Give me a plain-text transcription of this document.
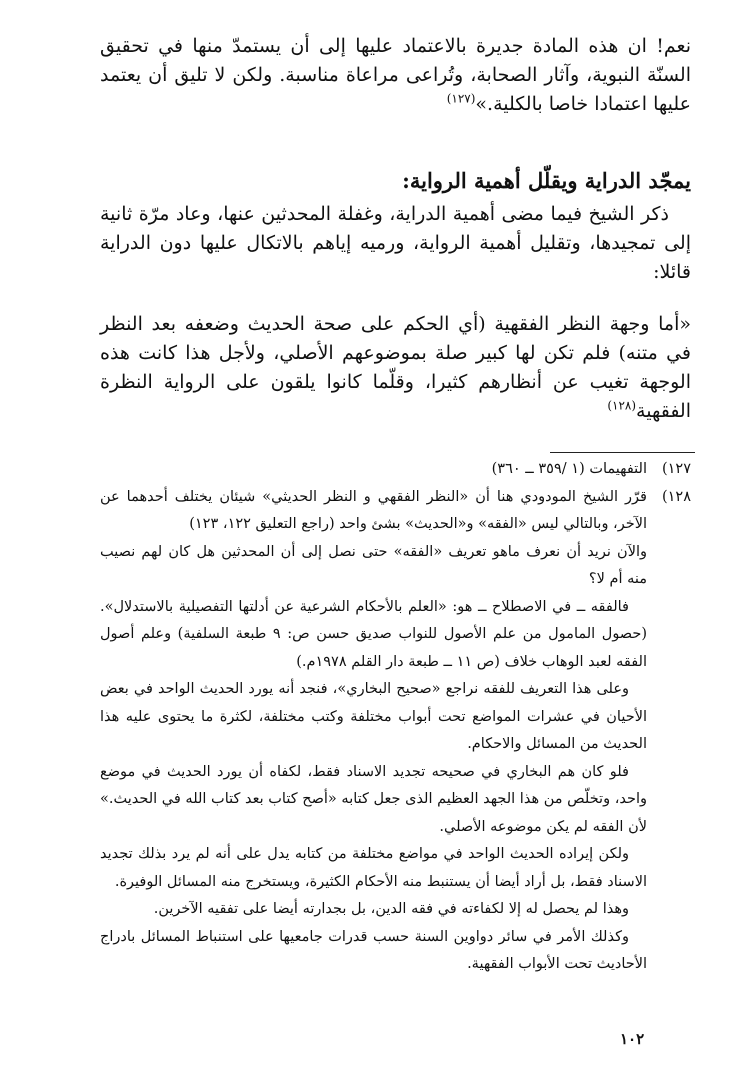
نعم! ان هذه المادة جديرة بالاعتماد عليها إلى أن يستمدّ منها في تحقيق السنّة النبوية، وآثار الصحابة، وتُراعى مراعاة مناسبة. ولكن لا تليق أن يعتمد عليها اعتمادا خاصا بالكلية.»$^{(١٢٧)}$

يمجّد الدراية ويقلّل أهمية الرواية:

ذكر الشيخ فيما مضى أهمية الدراية، وغفلة المحدثين عنها، وعاد مرّة ثانية إلى تمجيدها، وتقليل أهمية الرواية، ورميه إياهم بالاتكال عليها دون الدراية قائلا:

«أما وجهة النظر الفقهية (أي الحكم على صحة الحديث وضعفه بعد النظر في متنه) فلم تكن لها كبير صلة بموضوعهم الأصلي، ولأجل هذا كانت هذه الوجهة تغيب عن أنظارهم كثيرا، وقلّما كانوا يلقون على الرواية النظرة الفقهية$^{(١٢٨)}$

١٢٧)
التفهيمات (١ /٣٥٩ ــ ٣٦٠)
١٢٨)
قرّر الشيخ المودودي هنا أن «النظر الفقهي و النظر الحديثي» شيئان يختلف أحدهما عن الآخر، وبالتالي ليس «الفقه» و«الحديث» بشئ واحد (راجع التعليق ١٢٢، ١٢٣)

والآن نريد أن نعرف ماهو تعريف «الفقه» حتى نصل إلى أن المحدثين هل كان لهم نصيب منه أم لا؟

فالفقه ــ في الاصطلاح ــ هو: «العلم بالأحكام الشرعية عن أدلتها التفصيلية بالاستدلال».(حصول المامول من علم الأصول للنواب صديق حسن ص: ٩ طبعة السلفية) وعلم أصول الفقه لعبد الوهاب خلاف (ص ١١ ــ طبعة دار القلم ١٩٧٨م.)

وعلى هذا التعريف للفقه نراجع «صحيح البخاري»، فنجد أنه يورد الحديث الواحد في بعض الأحيان في عشرات المواضع تحت أبواب مختلفة وكتب مختلفة، لكثرة ما يحتوى عليه هذا الحديث من المسائل والاحكام.

فلو كان هم البخاري في صحيحه تجديد الاسناد فقط، لكفاه أن يورد الحديث في موضع واحد، وتخلّص من هذا الجهد العظيم الذى جعل كتابه «أصح كتاب بعد كتاب الله في الحديث.» لأن الفقه لم يكن موضوعه الأصلي.

ولكن إيراده الحديث الواحد في مواضع مختلفة من كتابه يدل على أنه لم يرد بذلك تجديد الاسناد فقط، بل أراد أيضا أن يستنبط منه الأحكام الكثيرة، ويستخرج منه المسائل الوفيرة.

وهذا لم يحصل له إلا لكفاءته في فقه الدين، بل بجدارته أيضا على تفقيه الآخرين.

وكذلك الأمر في سائر دواوين السنة حسب قدرات جامعيها على استنباط المسائل بادراج الأحاديث تحت الأبواب الفقهية.

١٠٢
